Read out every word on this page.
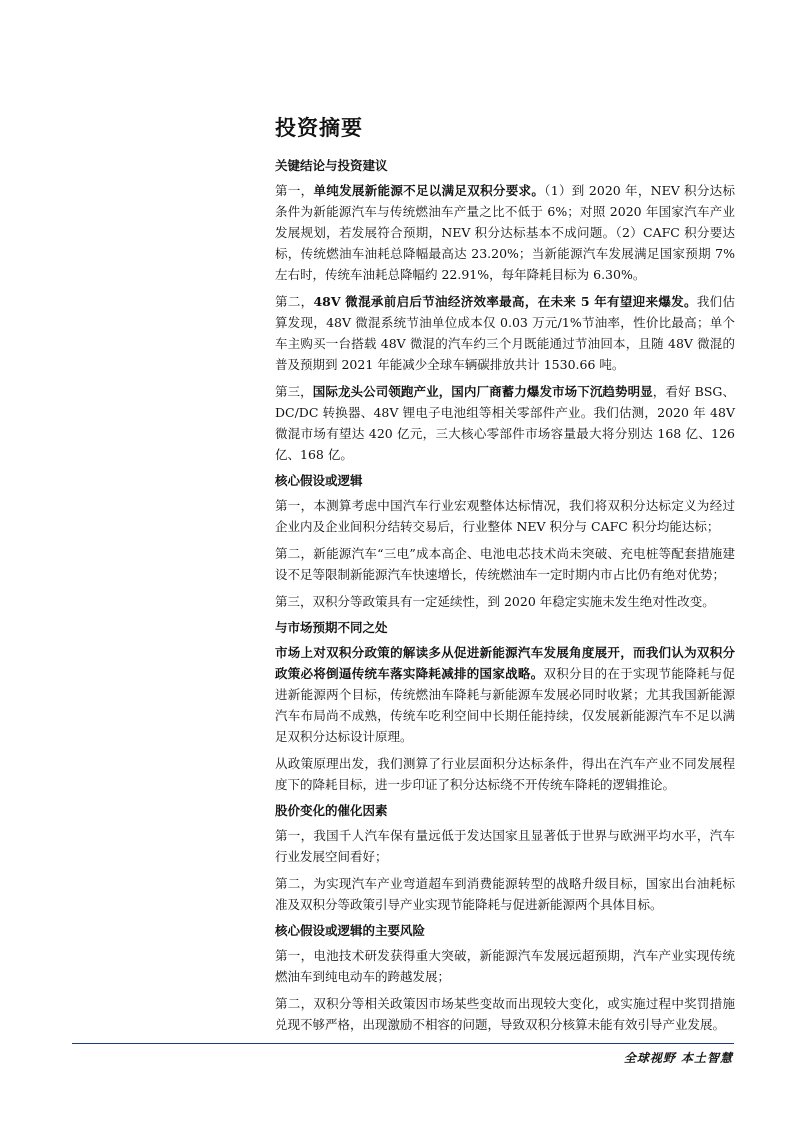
投资摘要
关键结论与投资建议

第一，单纯发展新能源不足以满足双积分要求。（1）到 2020 年，NEV 积分达标条件为新能源汽车与传统燃油车产量之比不低于 6%；对照 2020 年国家汽车产业发展规划，若发展符合预期，NEV 积分达标基本不成问题。（2）CAFC 积分要达标，传统燃油车油耗总降幅最高达 23.20%；当新能源汽车发展满足国家预期 7%左右时，传统车油耗总降幅约 22.91%，每年降耗目标为 6.30%。

第二，48V 微混承前启后节油经济效率最高，在未来 5 年有望迎来爆发。我们估算发现，48V 微混系统节油单位成本仅 0.03 万元/1%节油率，性价比最高；单个车主购买一台搭载 48V 微混的汽车约三个月既能通过节油回本，且随 48V 微混的普及预期到 2021 年能减少全球车辆碳排放共计 1530.66 吨。

第三，国际龙头公司领跑产业，国内厂商蓄力爆发市场下沉趋势明显，看好 BSG、DC/DC 转换器、48V 锂电子电池组等相关零部件产业。我们估测，2020 年 48V 微混市场有望达 420 亿元，三大核心零部件市场容量最大将分别达 168 亿、126 亿、168 亿。

核心假设或逻辑

第一，本测算考虑中国汽车行业宏观整体达标情况，我们将双积分达标定义为经过企业内及企业间积分结转交易后，行业整体 NEV 积分与 CAFC 积分均能达标；

第二，新能源汽车“三电”成本高企、电池电芯技术尚未突破、充电桩等配套措施建设不足等限制新能源汽车快速增长，传统燃油车一定时期内市占比仍有绝对优势；

第三，双积分等政策具有一定延续性，到 2020 年稳定实施未发生绝对性改变。

与市场预期不同之处

市场上对双积分政策的解读多从促进新能源汽车发展角度展开，而我们认为双积分政策必将倒逼传统车落实降耗减排的国家战略。双积分目的在于实现节能降耗与促进新能源两个目标，传统燃油车降耗与新能源车发展必同时收紧；尤其我国新能源汽车布局尚不成熟，传统车吃利空间中长期任能持续，仅发展新能源汽车不足以满足双积分达标设计原理。

从政策原理出发，我们测算了行业层面积分达标条件，得出在汽车产业不同发展程度下的降耗目标，进一步印证了积分达标绕不开传统车降耗的逻辑推论。

股价变化的催化因素

第一，我国千人汽车保有量远低于发达国家且显著低于世界与欧洲平均水平，汽车行业发展空间看好；

第二，为实现汽车产业弯道超车到消费能源转型的战略升级目标，国家出台油耗标准及双积分等政策引导产业实现节能降耗与促进新能源两个具体目标。

核心假设或逻辑的主要风险

第一，电池技术研发获得重大突破，新能源汽车发展远超预期，汽车产业实现传统燃油车到纯电动车的跨越发展；

第二，双积分等相关政策因市场某些变故而出现较大变化，或实施过程中奖罚措施兑现不够严格，出现激励不相容的问题，导致双积分核算未能有效引导产业发展。

全球视野 本土智慧
